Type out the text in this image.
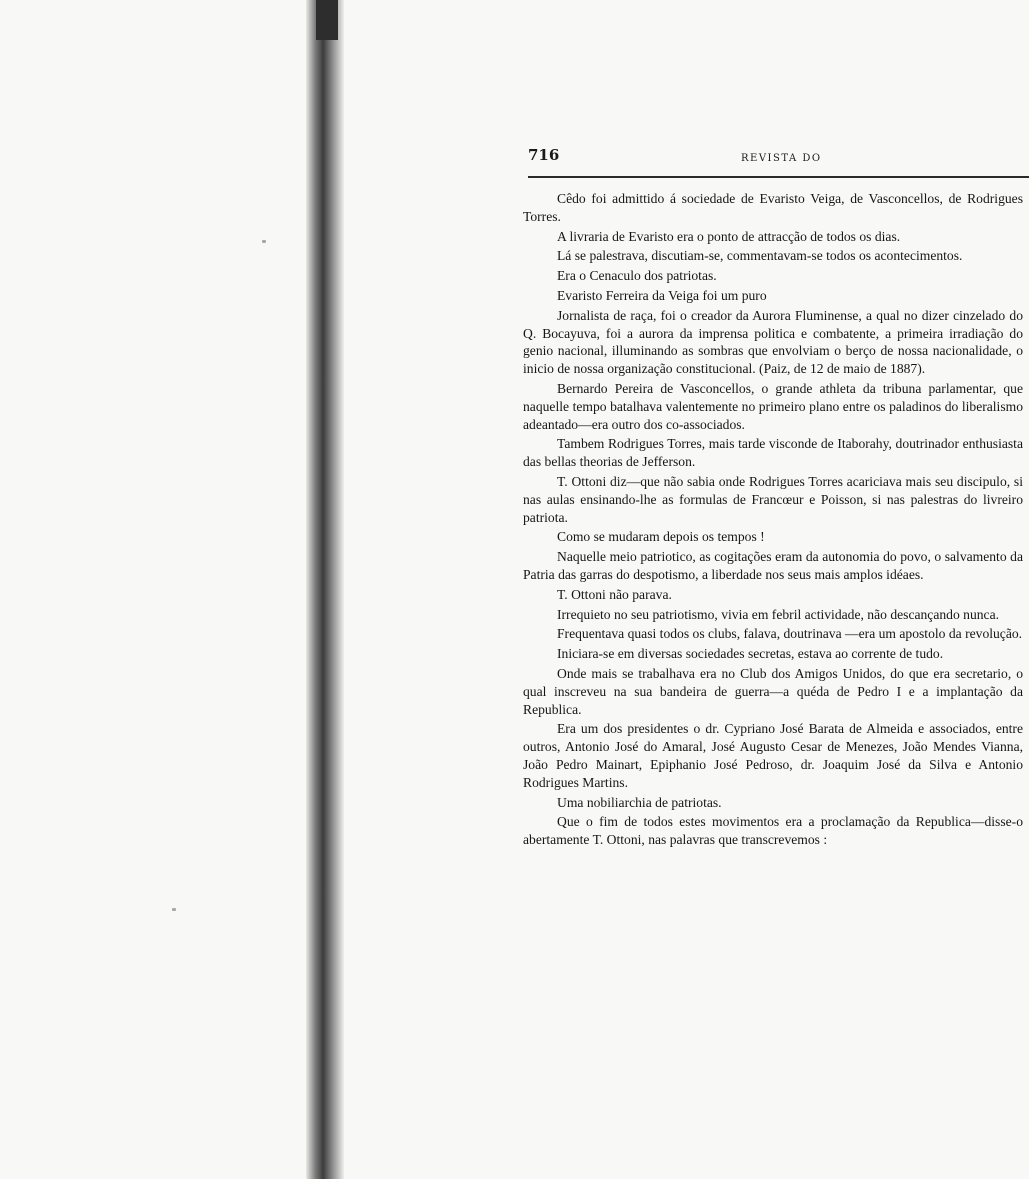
716	REVISTA DO

Cêdo foi admittido á sociedade de Evaristo Veiga, de Vasconcellos, de Rodrigues Torres.

A livraria de Evaristo era o ponto de attracção de todos os dias.

Lá se palestrava, discutiam-se, commentavam-se todos os acontecimentos.

Era o Cenaculo dos patriotas.

Evaristo Ferreira da Veiga foi um puro

Jornalista de raça, foi o creador da Aurora Fluminense, a qual no dizer cinzelado do Q. Bocayuva, foi a aurora da imprensa politica e combatente, a primeira irradiação do genio nacional, illuminando as sombras que envolviam o berço de nossa nacionalidade, o inicio de nossa organização constitucional. (Paiz, de 12 de maio de 1887).

Bernardo Pereira de Vasconcellos, o grande athleta da tribuna parlamentar, que naquelle tempo batalhava valentemente no primeiro plano entre os paladinos do liberalismo adeantado—era outro dos co-associados.

Tambem Rodrigues Torres, mais tarde visconde de Itaborahy, doutrinador enthusiasta das bellas theorias de Jefferson.

T. Ottoni diz—que não sabia onde Rodrigues Torres acariciava mais seu discipulo, si nas aulas ensinando-lhe as formulas de Francœur e Poisson, si nas palestras do livreiro patriota.

Como se mudaram depois os tempos !

Naquelle meio patriotico, as cogitações eram da autonomia do povo, o salvamento da Patria das garras do despotismo, a liberdade nos seus mais amplos idéaes.

T. Ottoni não parava.

Irrequieto no seu patriotismo, vivia em febril actividade, não descançando nunca.

Frequentava quasi todos os clubs, falava, doutrinava —era um apostolo da revolução.

Iniciara-se em diversas sociedades secretas, estava ao corrente de tudo.

Onde mais se trabalhava era no Club dos Amigos Unidos, do que era secretario, o qual inscreveu na sua bandeira de guerra—a quéda de Pedro I e a implantação da Republica.

Era um dos presidentes o dr. Cypriano José Barata de Almeida e associados, entre outros, Antonio José do Amaral, José Augusto Cesar de Menezes, João Mendes Vianna, João Pedro Mainart, Epiphanio José Pedroso, dr. Joaquim José da Silva e Antonio Rodrigues Martins.

Uma nobiliarchia de patriotas.

Que o fim de todos estes movimentos era a proclamação da Republica—disse-o abertamente T. Ottoni, nas palavras que transcrevemos :
